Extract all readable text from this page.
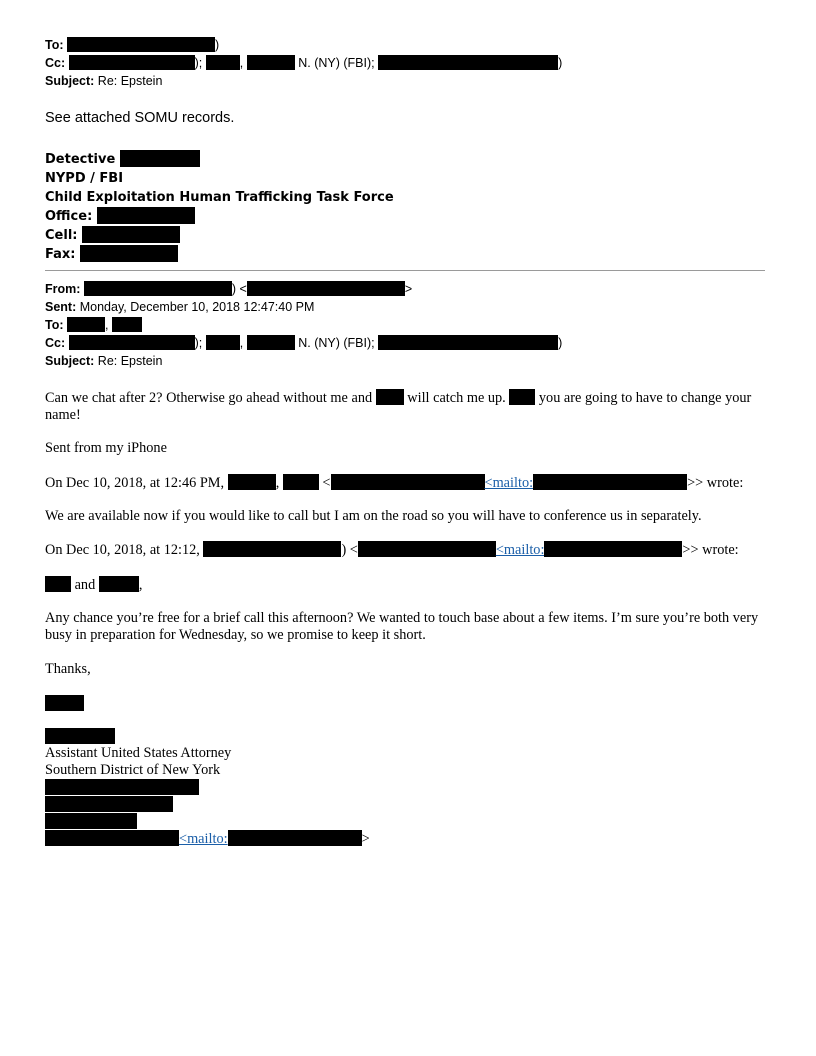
To:	)
Cc:	);	,	N. (NY) (FBI);	)
Subject: Re: Epstein
See attached SOMU records.
Detective
NYPD / FBI
Child Exploitation Human Trafficking Task Force
Office:
Cell:
Fax:
From:	) <	>
Sent: Monday, December 10, 2018 12:47:40 PM
To:	,
Cc:	);	,	N. (NY) (FBI);	)
Subject: Re: Epstein
Can we chat after 2? Otherwise go ahead without me and will catch me up. you are going to have to change your name!
Sent from my iPhone
On Dec 10, 2018, at 12:46 PM,	,	<	<mailto:	>> wrote:
We are available now if you would like to call but I am on the road so you will have to conference us in separately.
On Dec 10, 2018, at 12:12,	) <	<mailto:	>> wrote:
and	,
Any chance you’re free for a brief call this afternoon? We wanted to touch base about a few items. I’m sure you’re both very busy in preparation for Wednesday, so we promise to keep it short.
Thanks,
Assistant United States Attorney
Southern District of New York
<mailto:	>
